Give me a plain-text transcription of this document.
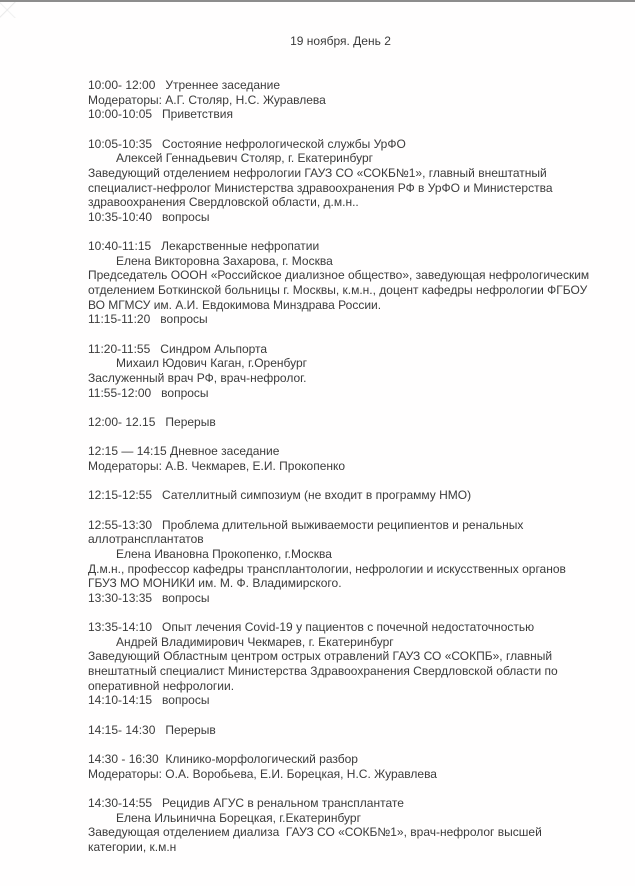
19 ноября. День 2
10:00- 12:00   Утреннее заседание
Модераторы: А.Г. Столяр, Н.С. Журавлева
10:00-10:05   Приветствия
10:05-10:35   Состояние нефрологической службы УрФО
Алексей Геннадьевич Столяр, г. Екатеринбург
Заведующий отделением нефрологии ГАУЗ СО «СОКБ№1», главный внештатный
специалист-нефролог Министерства здравоохранения РФ в УрФО и Министерства
здравоохранения Свердловской области, д.м.н..
10:35-10:40   вопросы
10:40-11:15   Лекарственные нефропатии
Елена Викторовна Захарова, г. Москва
Председатель ОООН «Российское диализное общество», заведующая нефрологическим
отделением Боткинской больницы г. Москвы, к.м.н., доцент кафедры нефрологии ФГБОУ
ВО МГМСУ им. А.И. Евдокимова Минздрава России.
11:15-11:20   вопросы
11:20-11:55   Синдром Альпорта
Михаил Юдович Каган, г.Оренбург
Заслуженный врач РФ, врач-нефролог.
11:55-12:00   вопросы
12:00- 12.15   Перерыв
12:15 — 14:15 Дневное заседание
Модераторы: А.В. Чекмарев, Е.И. Прокопенко
12:15-12:55   Сателлитный симпозиум (не входит в программу НМО)
12:55-13:30   Проблема длительной выживаемости реципиентов и ренальных
аллотрансплантатов
Елена Ивановна Прокопенко, г.Москва
Д.м.н., профессор кафедры трансплантологии, нефрологии и искусственных органов
ГБУЗ МО МОНИКИ им. М. Ф. Владимирского.
13:30-13:35   вопросы
13:35-14:10   Опыт лечения Covid-19 у пациентов с почечной недостаточностью
Андрей Владимирович Чекмарев, г. Екатеринбург
Заведующий Областным центром острых отравлений ГАУЗ СО «СОКПБ», главный
внештатный специалист Министерства Здравоохранения Свердловской области по
оперативной нефрологии.
14:10-14:15   вопросы
14:15- 14:30   Перерыв
14:30 - 16:30  Клинико-морфологический разбор
Модераторы: О.А. Воробьева, Е.И. Борецкая, Н.С. Журавлева
14:30-14:55   Рецидив АГУС в ренальном трансплантате
Елена Ильинична Борецкая, г.Екатеринбург
Заведующая отделением диализа  ГАУЗ СО «СОКБ№1», врач-нефролог высшей
категории, к.м.н
